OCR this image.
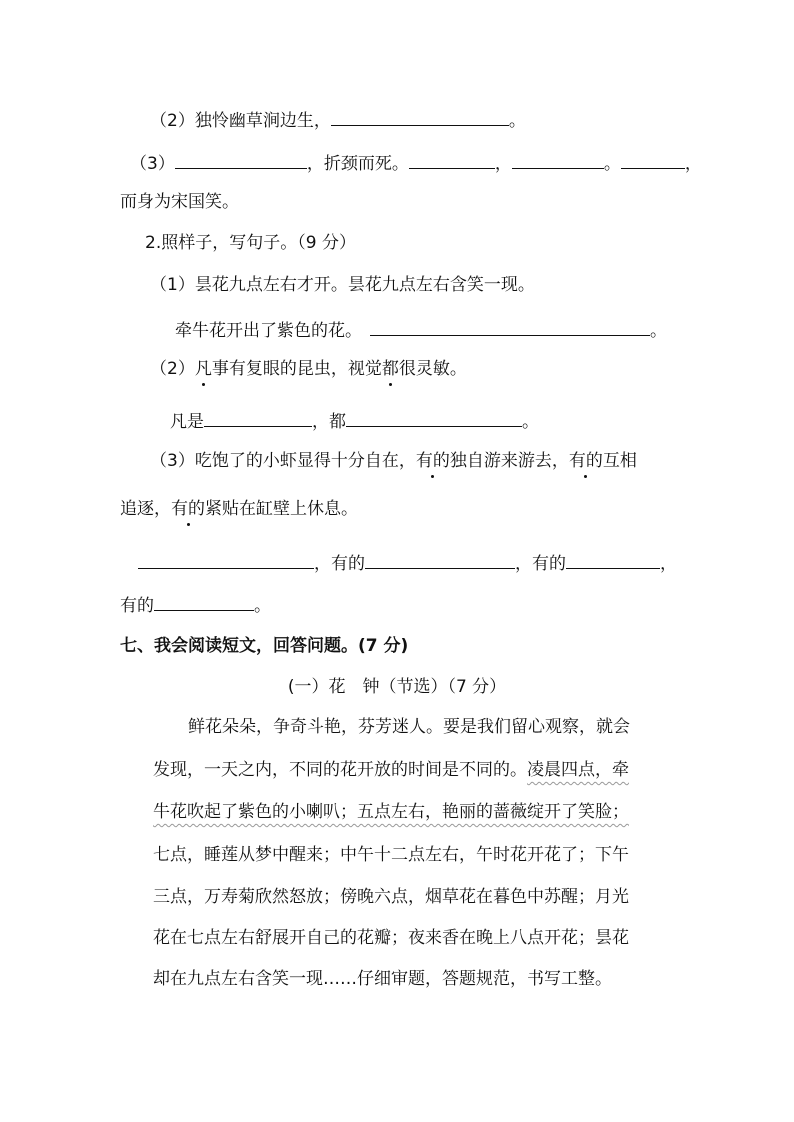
（2）独怜幽草涧边生，	。
（3）	，折颈而死。	，	。	，
而身为宋国笑。
2.照样子，写句子。（9 分）
（1）昙花九点左右才开。昙花九点左右含笑一现。
牵牛花开出了紫色的花。	。
（2）凡事有复眼的昆虫，视觉都很灵敏。
凡是	，都	。
（3）吃饱了的小虾显得十分自在，有的独自游来游去，有的互相
追逐，有的紧贴在缸壁上休息。
，有的	，有的	，
有的	。
七、我会阅读短文，回答问题。(7 分)
(一）花　钟（节选）（7 分）
鲜花朵朵，争奇斗艳，芬芳迷人。要是我们留心观察，就会
发现，一天之内，不同的花开放的时间是不同的。凌晨四点，牵
牛花吹起了紫色的小喇叭；五点左右，艳丽的蔷薇绽开了笑脸；
七点，睡莲从梦中醒来；中午十二点左右，午时花开花了；下午
三点，万寿菊欣然怒放；傍晚六点，烟草花在暮色中苏醒；月光
花在七点左右舒展开自己的花瓣；夜来香在晚上八点开花；昙花
却在九点左右含笑一现……仔细审题，答题规范，书写工整。
